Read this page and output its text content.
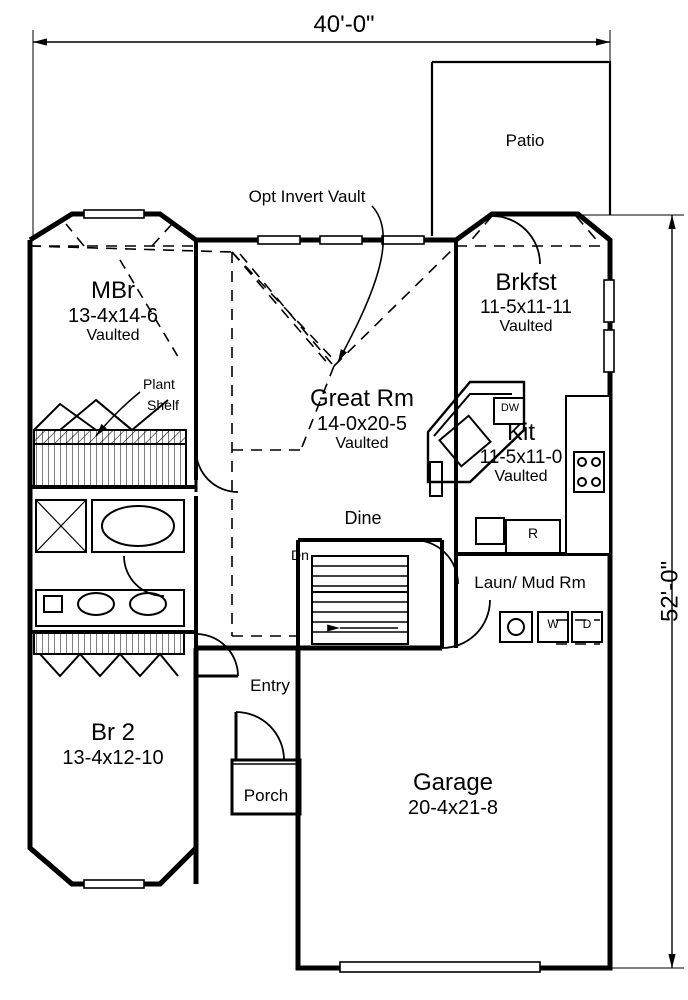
40'-0"
52'-0"
Patio
Opt Invert Vault
MBr
13-4x14-6
Vaulted
Plant
Shelf	Great Rm
14-0x20-5
Vaulted
Brkfst
11-5x11-11
Vaulted
Kit
11-5x11-0
Vaulted
Dine
Dn
Laun/ Mud Rm
Entry
Porch
Br 2
13-4x12-10
Garage
20-4x21-8
DW
R
W	D
